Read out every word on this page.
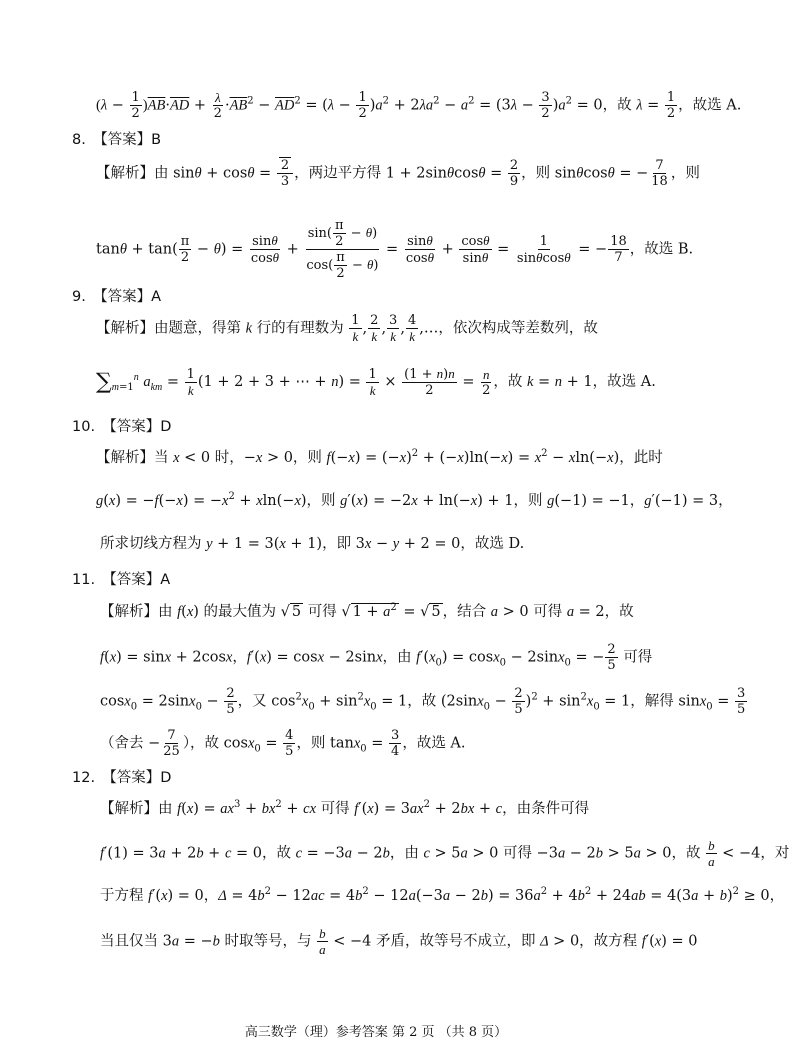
$(\lambda - \frac{1}{2} )\overline{AB}\cdot\overline{AD} + \frac{\lambda}{2} \cdot\overline{AB}^2 - \overline{AD}^2 = (\lambda - \frac{1}{2} )a^2 + 2\lambda a^2 - a^2 = (3\lambda - \frac{3}{2} )a^2 = 0$，故 $\lambda = \frac{1}{2}$ ，故选 A.
8.　【答案】B
【解析】由 $\sin\theta + \cos\theta = \frac{2}{3}$ ，两边平方得 $1 + 2\sin\theta\cos\theta = \frac{2}{9}$ ，则 sinθcosθ = − $\frac{7}{18}$ ，则
$\tan\theta + \tan( \frac{\pi}{2} - \theta) = \frac{\sin\theta}{\cos\theta} + \frac{\sin( \frac{\pi}{2} - \theta)}{\cos( \frac{\pi}{2} - \theta)} = \frac{\sin\theta}{\cos\theta} + \frac{\cos\theta}{\sin\theta} = \frac{1}{\sin\theta\cos\theta}$ = − $\frac{18}{7}$ ，故选 B.
9.　【答案】A
【解析】由题意，得第 k 行的有理数为 $\frac{1}{k}$ , $\frac{2}{k}$ , $\frac{3}{k}$ , $\frac{4}{k}$ ,…，依次构成等差数列，故
$\sum_{m=1}^n$ $a_{km} = \frac{1}{k} (1 + 2 + 3$ + ⋯ + $n) = \frac{1}{k} \times \frac{(1 + n)n}{2} = \frac{n}{2}$ ，故 k = n + 1，故选 A.
10.　【答案】D
【解析】当 x < 0 时，−x > 0，则 $f(-x) = (-x)^2 + (-x)\ln(-x) = x^2 - xln(-x)$，此时
$g(x) = -f(-x) = -x^2 + xln(-x)$，则 g′(x) = −2x + ln(−x) + 1，则 g(−1) = −1，g′(−1) = 3，
所求切线方程为 y + 1 = 3(x + 1)，即 3x − y + 2 = 0，故选 D.
11.　【答案】A
【解析】由 f(x) 的最大值为 √ 5 可得 √ $1 + a^2$ = √ 5 ，结合 a > 0 可得 a = 2，故
f(x) = sinx + 2cosx，f′(x) = cosx − 2sinx，由 $f'(x_0) = \cos x_0 - 2\sin x_0$ = − $\frac{2}{5}$ 可得
$\cos x_0 = 2\sin x_0 - \frac{2}{5}$ ，又 $\cos^2x_0 + \sin^2x_0 = 1$，故 $(2\sin x_0 - \frac{2}{5} )^2 + \sin^2x_0 = 1$，解得 $\sin x_0 = \frac{3}{5}$
（舍去 − $\frac{7}{25}$ ），故 $\cos x_0 = \frac{4}{5}$ ，则 $\tan x_0 = \frac{3}{4}$ ，故选 A.
12.　【答案】D
【解析】由 $f(x) = ax^3 + bx^2$ + cx 可得 $f'(x) = 3ax^2 + 2bx + c$，由条件可得
f′(1) = 3a + 2b + c = 0，故 c = −3a − 2b，由 c > 5a > 0 可得 −3a − 2b > 5a > 0，故 $\frac{b}{a} < -4$，对
于方程 f′(x) = 0，$\Delta = 4b^2 - 12ac = 4b^2 - 12a(-3a - 2b) = 36a^2 + 4b^2 + 24ab = 4(3a + b)^2 \ge 0$，
当且仅当 3a = −b 时取等号，与 $\frac{b}{a} < -4$ 矛盾，故等号不成立，即 Δ > 0，故方程 f′(x) = 0
高三数学（理）参考答案 第 2 页 （共 8 页）
